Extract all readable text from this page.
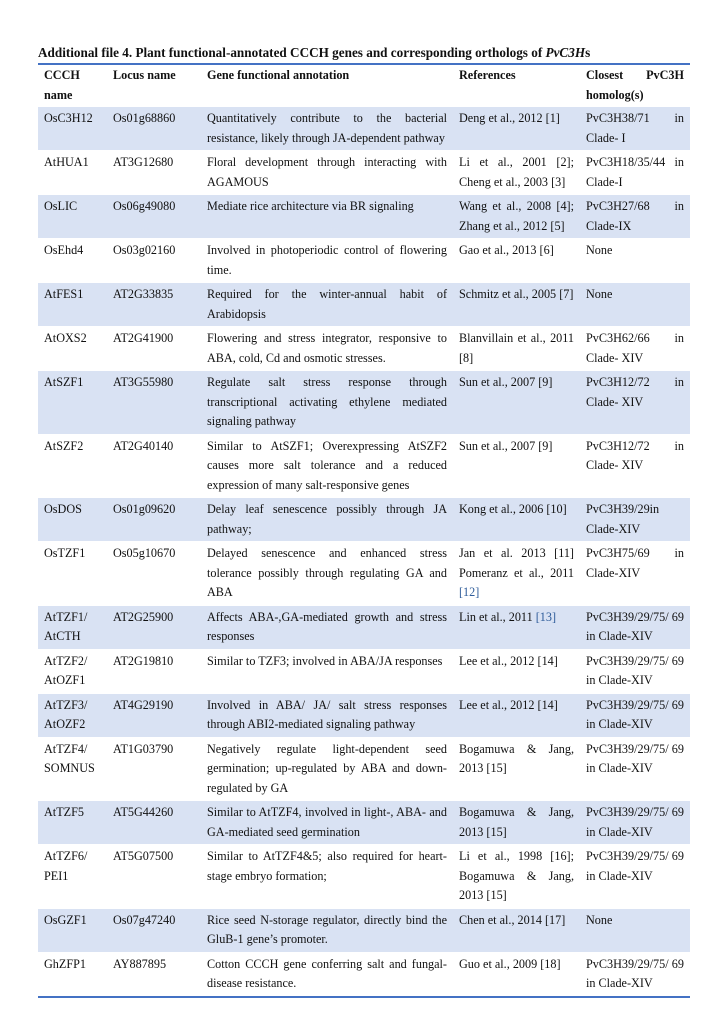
Additional file 4. Plant functional-annotated CCCH genes and corresponding orthologs of PvC3Hs
CCCH name	Locus name	Gene functional annotation	References	Closest PvC3H homolog(s)
OsC3H12	Os01g68860	Quantitatively contribute to the bacterial resistance, likely through JA-dependent pathway	Deng et al., 2012 [1]	PvC3H38/71 in Clade- I
AtHUA1	AT3G12680	Floral development through interacting with AGAMOUS	Li et al., 2001 [2]; Cheng et al., 2003 [3]	PvC3H18/35/44 in Clade-I
OsLIC	Os06g49080	Mediate rice architecture via BR signaling	Wang et al., 2008 [4]; Zhang et al., 2012 [5]	PvC3H27/68 in Clade-IX
OsEhd4	Os03g02160	Involved in photoperiodic control of flowering time.	Gao et al., 2013 [6]	None
AtFES1	AT2G33835	Required for the winter-annual habit of Arabidopsis	Schmitz et al., 2005 [7]	None
AtOXS2	AT2G41900	Flowering and stress integrator, responsive to ABA, cold, Cd and osmotic stresses.	Blanvillain et al., 2011 [8]	PvC3H62/66 in Clade- XIV
AtSZF1	AT3G55980	Regulate salt stress response through transcriptional activating ethylene mediated signaling pathway	Sun et al., 2007 [9]	PvC3H12/72 in Clade- XIV
AtSZF2	AT2G40140	Similar to AtSZF1; Overexpressing AtSZF2 causes more salt tolerance and a reduced expression of many salt-responsive genes	Sun et al., 2007 [9]	PvC3H12/72 in Clade- XIV
OsDOS	Os01g09620	Delay leaf senescence possibly through JA pathway;	Kong et al., 2006 [10]	PvC3H39/29in Clade-XIV
OsTZF1	Os05g10670	Delayed senescence and enhanced stress tolerance possibly through regulating GA and ABA	Jan et al. 2013 [11] Pomeranz et al., 2011 [12]	PvC3H75/69 in Clade-XIV
AtTZF1/ AtCTH	AT2G25900	Affects ABA-,GA-mediated growth and stress responses	Lin et al., 2011 [13]	PvC3H39/29/75/ 69 in Clade-XIV
AtTZF2/ AtOZF1	AT2G19810	Similar to TZF3; involved in ABA/JA responses	Lee et al., 2012 [14]	PvC3H39/29/75/ 69 in Clade-XIV
AtTZF3/ AtOZF2	AT4G29190	Involved in ABA/ JA/ salt stress responses through ABI2-mediated signaling pathway	Lee et al., 2012 [14]	PvC3H39/29/75/ 69 in Clade-XIV
AtTZF4/ SOMNUS	AT1G03790	Negatively regulate light-dependent seed germination; up-regulated by ABA and down-regulated by GA	Bogamuwa & Jang, 2013 [15]	PvC3H39/29/75/ 69 in Clade-XIV
AtTZF5	AT5G44260	Similar to AtTZF4, involved in light-, ABA- and GA-mediated seed germination	Bogamuwa & Jang, 2013 [15]	PvC3H39/29/75/ 69 in Clade-XIV
AtTZF6/ PEI1	AT5G07500	Similar to AtTZF4&5; also required for heart-stage embryo formation;	Li et al., 1998 [16]; Bogamuwa & Jang, 2013 [15]	PvC3H39/29/75/ 69 in Clade-XIV
OsGZF1	Os07g47240	Rice seed N-storage regulator, directly bind the GluB-1 gene’s promoter.	Chen et al., 2014 [17]	None
GhZFP1	AY887895	Cotton CCCH gene conferring salt and fungal-disease resistance.	Guo et al., 2009 [18]	PvC3H39/29/75/ 69 in Clade-XIV
